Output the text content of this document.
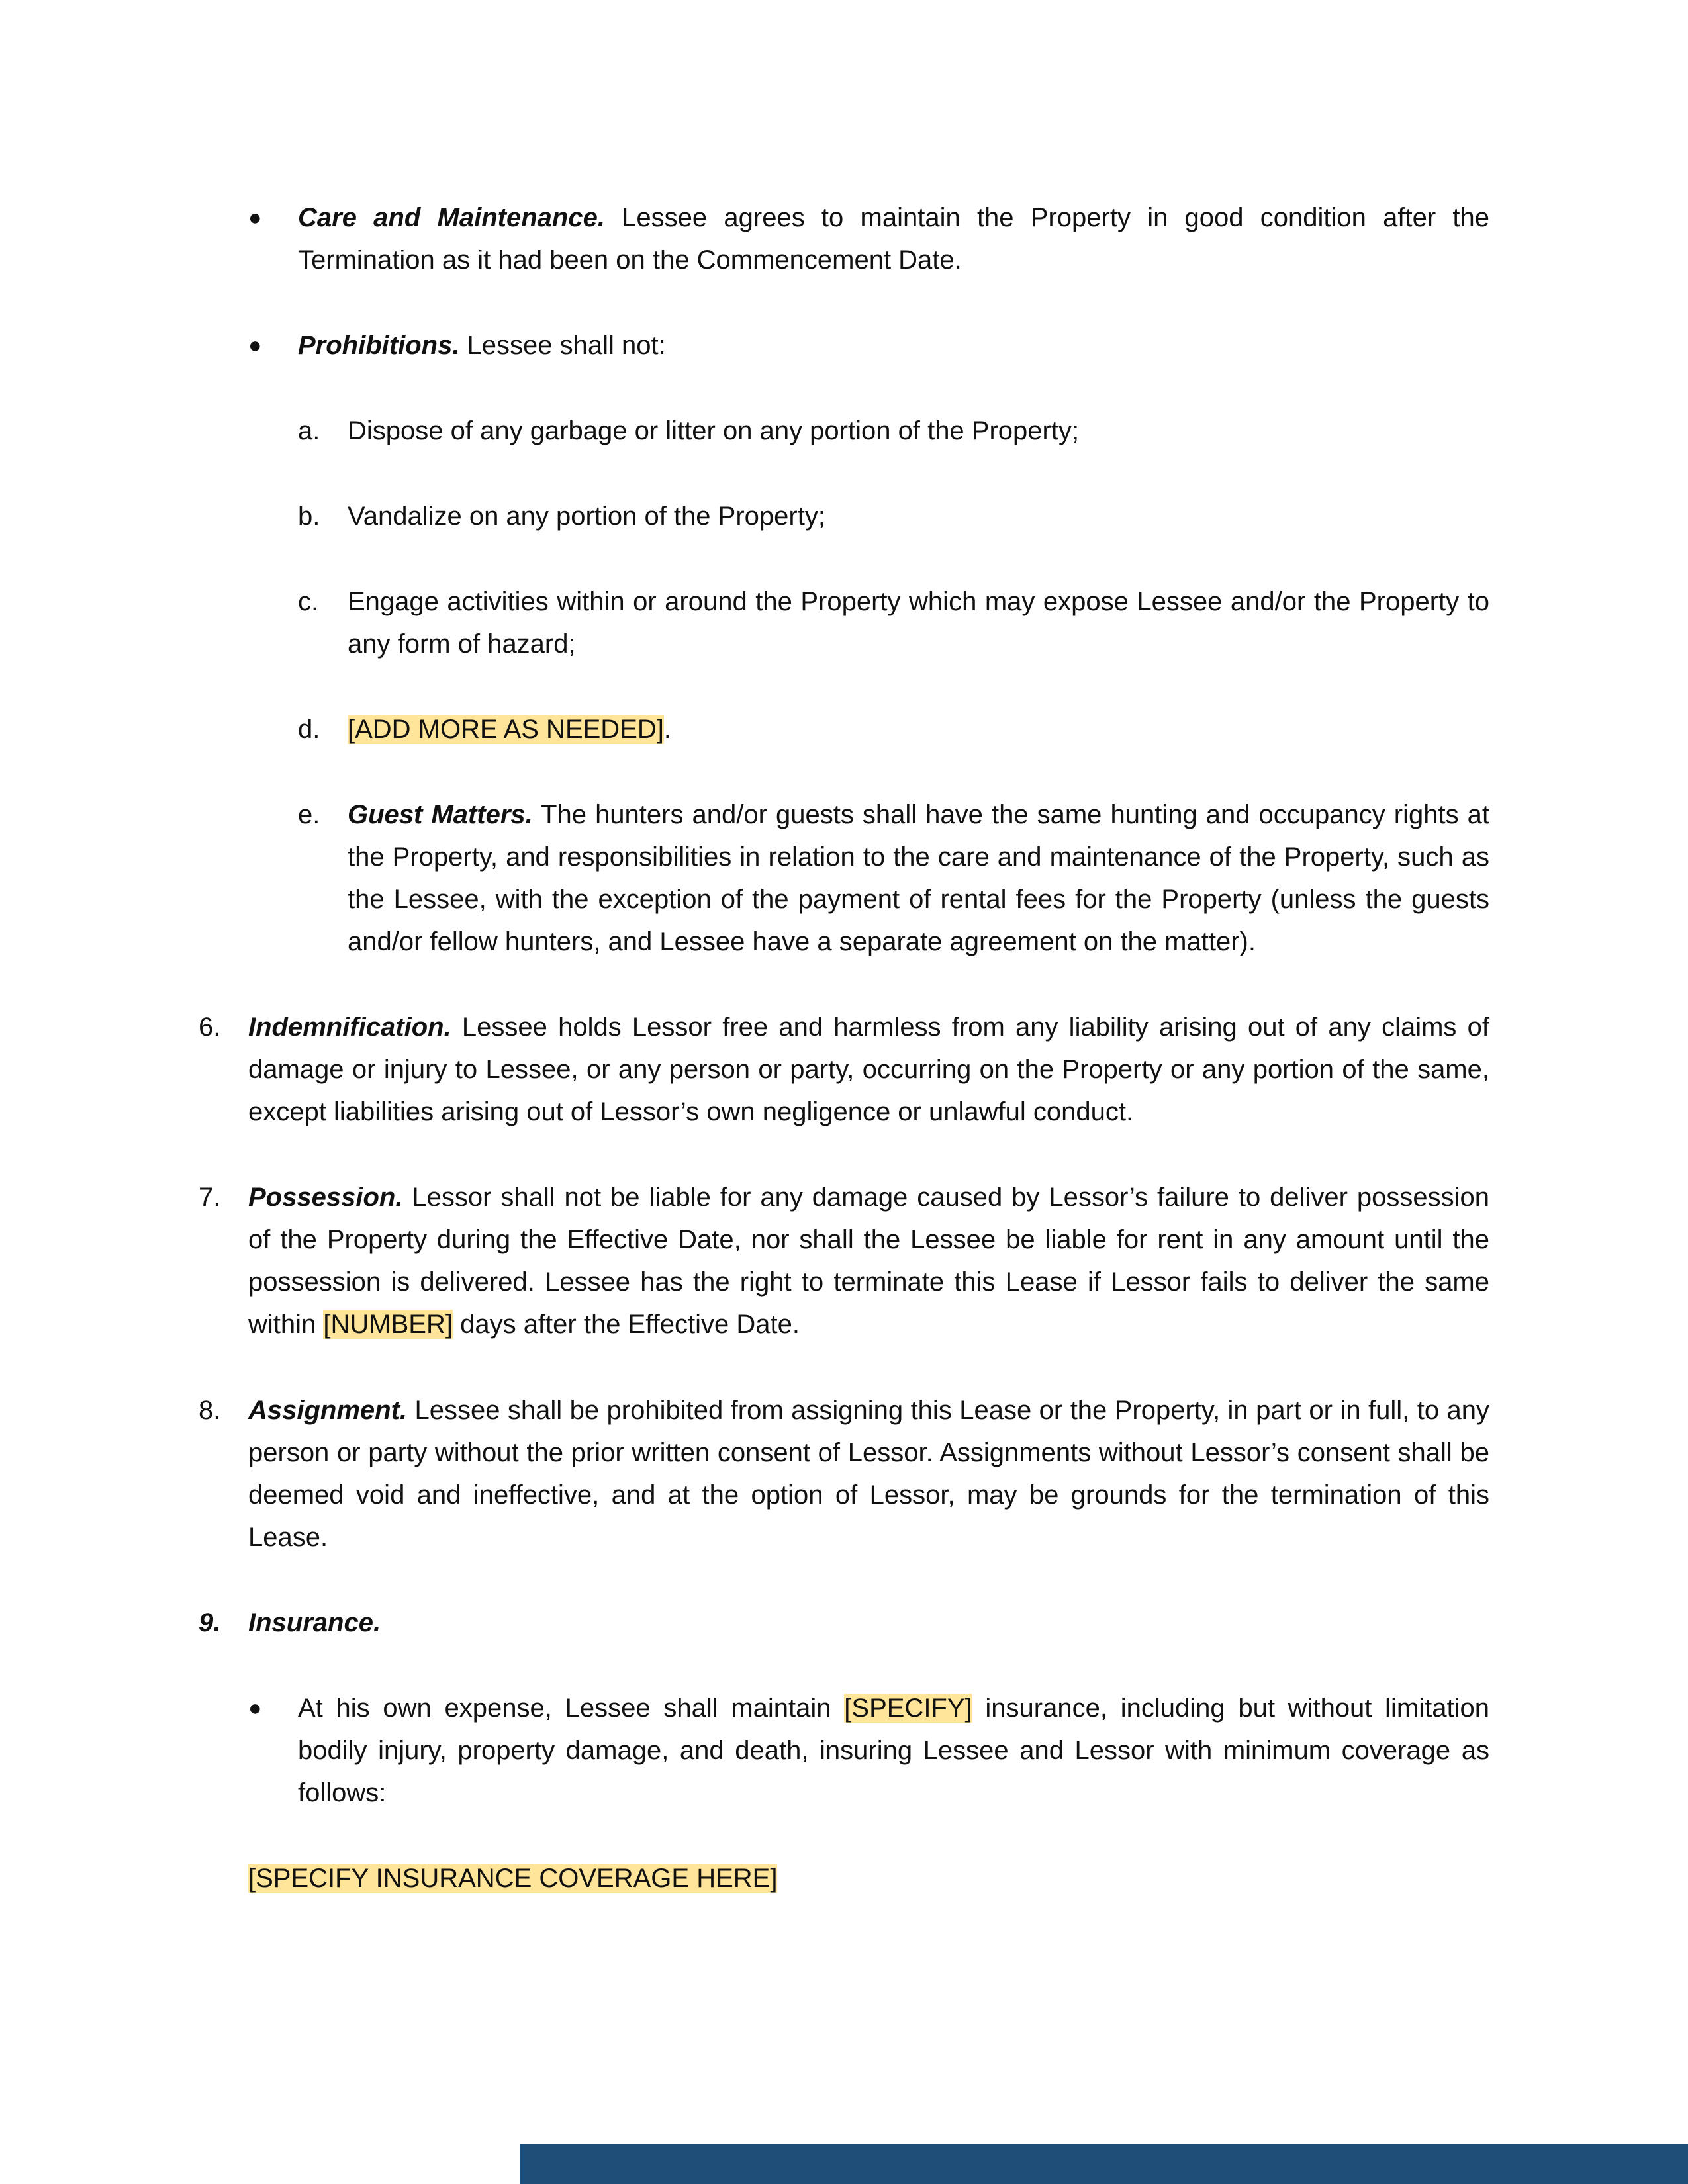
● Care and Maintenance. Lessee agrees to maintain the Property in good condition after the Termination as it had been on the Commencement Date.
● Prohibitions. Lessee shall not:
a. Dispose of any garbage or litter on any portion of the Property;
b. Vandalize on any portion of the Property;
c. Engage activities within or around the Property which may expose Lessee and/or the Property to any form of hazard;
d. [ADD MORE AS NEEDED].
e. Guest Matters. The hunters and/or guests shall have the same hunting and occupancy rights at the Property, and responsibilities in relation to the care and maintenance of the Property, such as the Lessee, with the exception of the payment of rental fees for the Property (unless the guests and/or fellow hunters, and Lessee have a separate agreement on the matter).
6. Indemnification. Lessee holds Lessor free and harmless from any liability arising out of any claims of damage or injury to Lessee, or any person or party, occurring on the Property or any portion of the same, except liabilities arising out of Lessor’s own negligence or unlawful conduct.
7. Possession. Lessor shall not be liable for any damage caused by Lessor’s failure to deliver possession of the Property during the Effective Date, nor shall the Lessee be liable for rent in any amount until the possession is delivered. Lessee has the right to terminate this Lease if Lessor fails to deliver the same within [NUMBER] days after the Effective Date.
8. Assignment. Lessee shall be prohibited from assigning this Lease or the Property, in part or in full, to any person or party without the prior written consent of Lessor. Assignments without Lessor’s consent shall be deemed void and ineffective, and at the option of Lessor, may be grounds for the termination of this Lease.
9. Insurance.
● At his own expense, Lessee shall maintain [SPECIFY] insurance, including but without limitation bodily injury, property damage, and death, insuring Lessee and Lessor with minimum coverage as follows:
[SPECIFY INSURANCE COVERAGE HERE]
